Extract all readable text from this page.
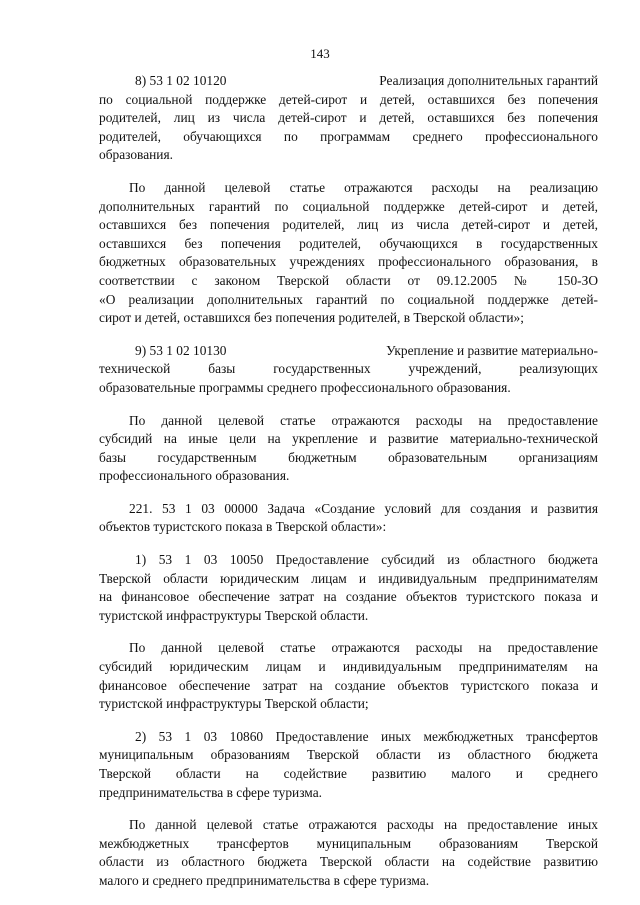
143
8) 53 1 02 10120	Реализация дополнительных гарантий
по социальной поддержке детей-сирот и детей, оставшихся без попечения
родителей, лиц из числа детей-сирот и детей, оставшихся без попечения
родителей, обучающихся по программам среднего профессионального
образования.
По данной целевой статье отражаются расходы на реализацию
дополнительных гарантий по социальной поддержке детей-сирот и детей,
оставшихся без попечения родителей, лиц из числа детей-сирот и детей,
оставшихся без попечения родителей, обучающихся в государственных
бюджетных образовательных учреждениях профессионального образования, в
соответствии с законом Тверской области от 09.12.2005 № 150-ЗО
«О реализации дополнительных гарантий по социальной поддержке детей-
сирот и детей, оставшихся без попечения родителей, в Тверской области»;
9) 53 1 02 10130	Укрепление и развитие материально-
технической базы государственных учреждений, реализующих
образовательные программы среднего профессионального образования.
По данной целевой статье отражаются расходы на предоставление
субсидий на иные цели на укрепление и развитие материально-технической
базы государственным бюджетным образовательным организациям
профессионального образования.
221. 53 1 03 00000 Задача «Создание условий для создания и развития
объектов туристского показа в Тверской области»:
1) 53 1 03 10050 Предоставление субсидий из областного бюджета
Тверской области юридическим лицам и индивидуальным предпринимателям
на финансовое обеспечение затрат на создание объектов туристского показа и
туристской инфраструктуры Тверской области.
По данной целевой статье отражаются расходы на предоставление
субсидий юридическим лицам и индивидуальным предпринимателям на
финансовое обеспечение затрат на создание объектов туристского показа и
туристской инфраструктуры Тверской области;
2) 53 1 03 10860 Предоставление иных межбюджетных трансфертов
муниципальным образованиям Тверской области из областного бюджета
Тверской области на содействие развитию малого и среднего
предпринимательства в сфере туризма.
По данной целевой статье отражаются расходы на предоставление иных
межбюджетных трансфертов муниципальным образованиям Тверской
области из областного бюджета Тверской области на содействие развитию
малого и среднего предпринимательства в сфере туризма.
